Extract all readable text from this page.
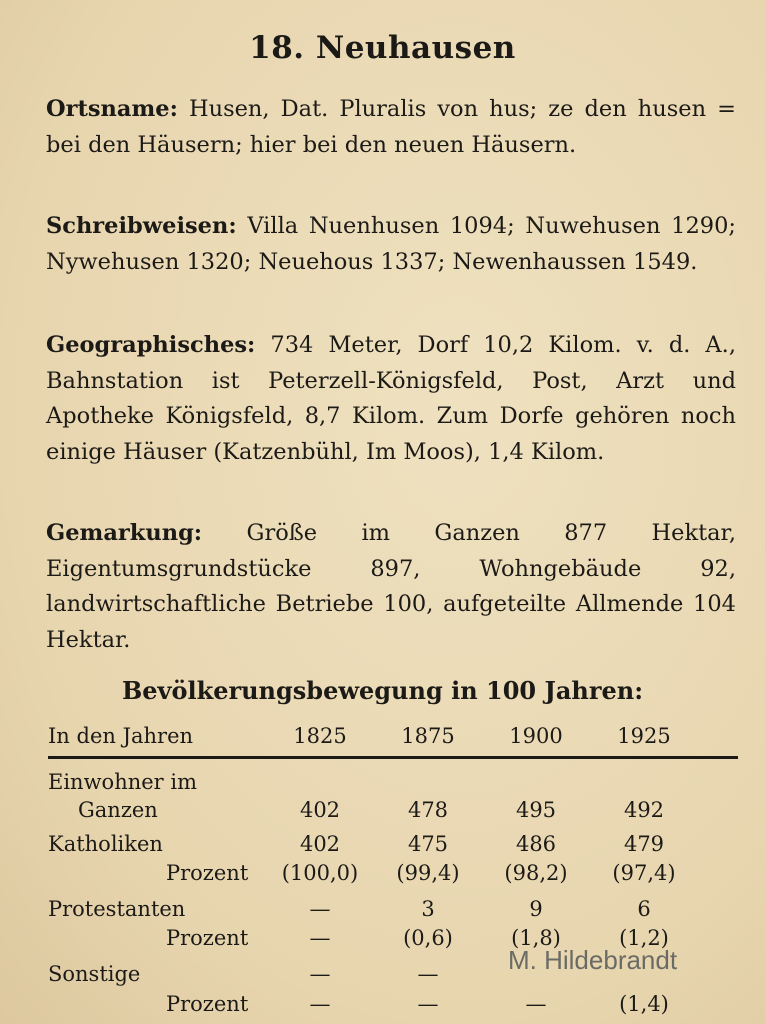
18. Neuhausen
Ortsname: Husen, Dat. Pluralis von hus; ze den husen = bei den Häusern; hier bei den neuen Häusern.
Schreibweisen: Villa Nuenhusen 1094; Nuwehusen 1290; Nywehusen 1320; Neuehous 1337; Newenhaussen 1549.
Geographisches: 734 Meter, Dorf 10,2 Kilom. v. d. A., Bahnstation ist Peterzell-Königsfeld, Post, Arzt und Apotheke Königsfeld, 8,7 Kilom. Zum Dorfe gehören noch einige Häuser (Katzenbühl, Im Moos), 1,4 Kilom.
Gemarkung: Größe im Ganzen 877 Hektar, Eigentumsgrundstücke 897, Wohngebäude 92, landwirtschaftliche Betriebe 100, aufgeteilte Allmende 104 Hektar.
Bevölkerungsbewegung in 100 Jahren:
In den Jahren	1825	1875	1900	1925
Einwohner im
Ganzen	402	478	495	492
Katholiken	402	475	486	479
Prozent (100,0)	(99,4)	(98,2)	(97,4)
Protestanten	—	3	9	6
Prozent	—	(0,6)	(1,8)	(1,2)
Sonstige	—	—
Prozent	—	—	—	(1,4)
M. Hildebrandt
